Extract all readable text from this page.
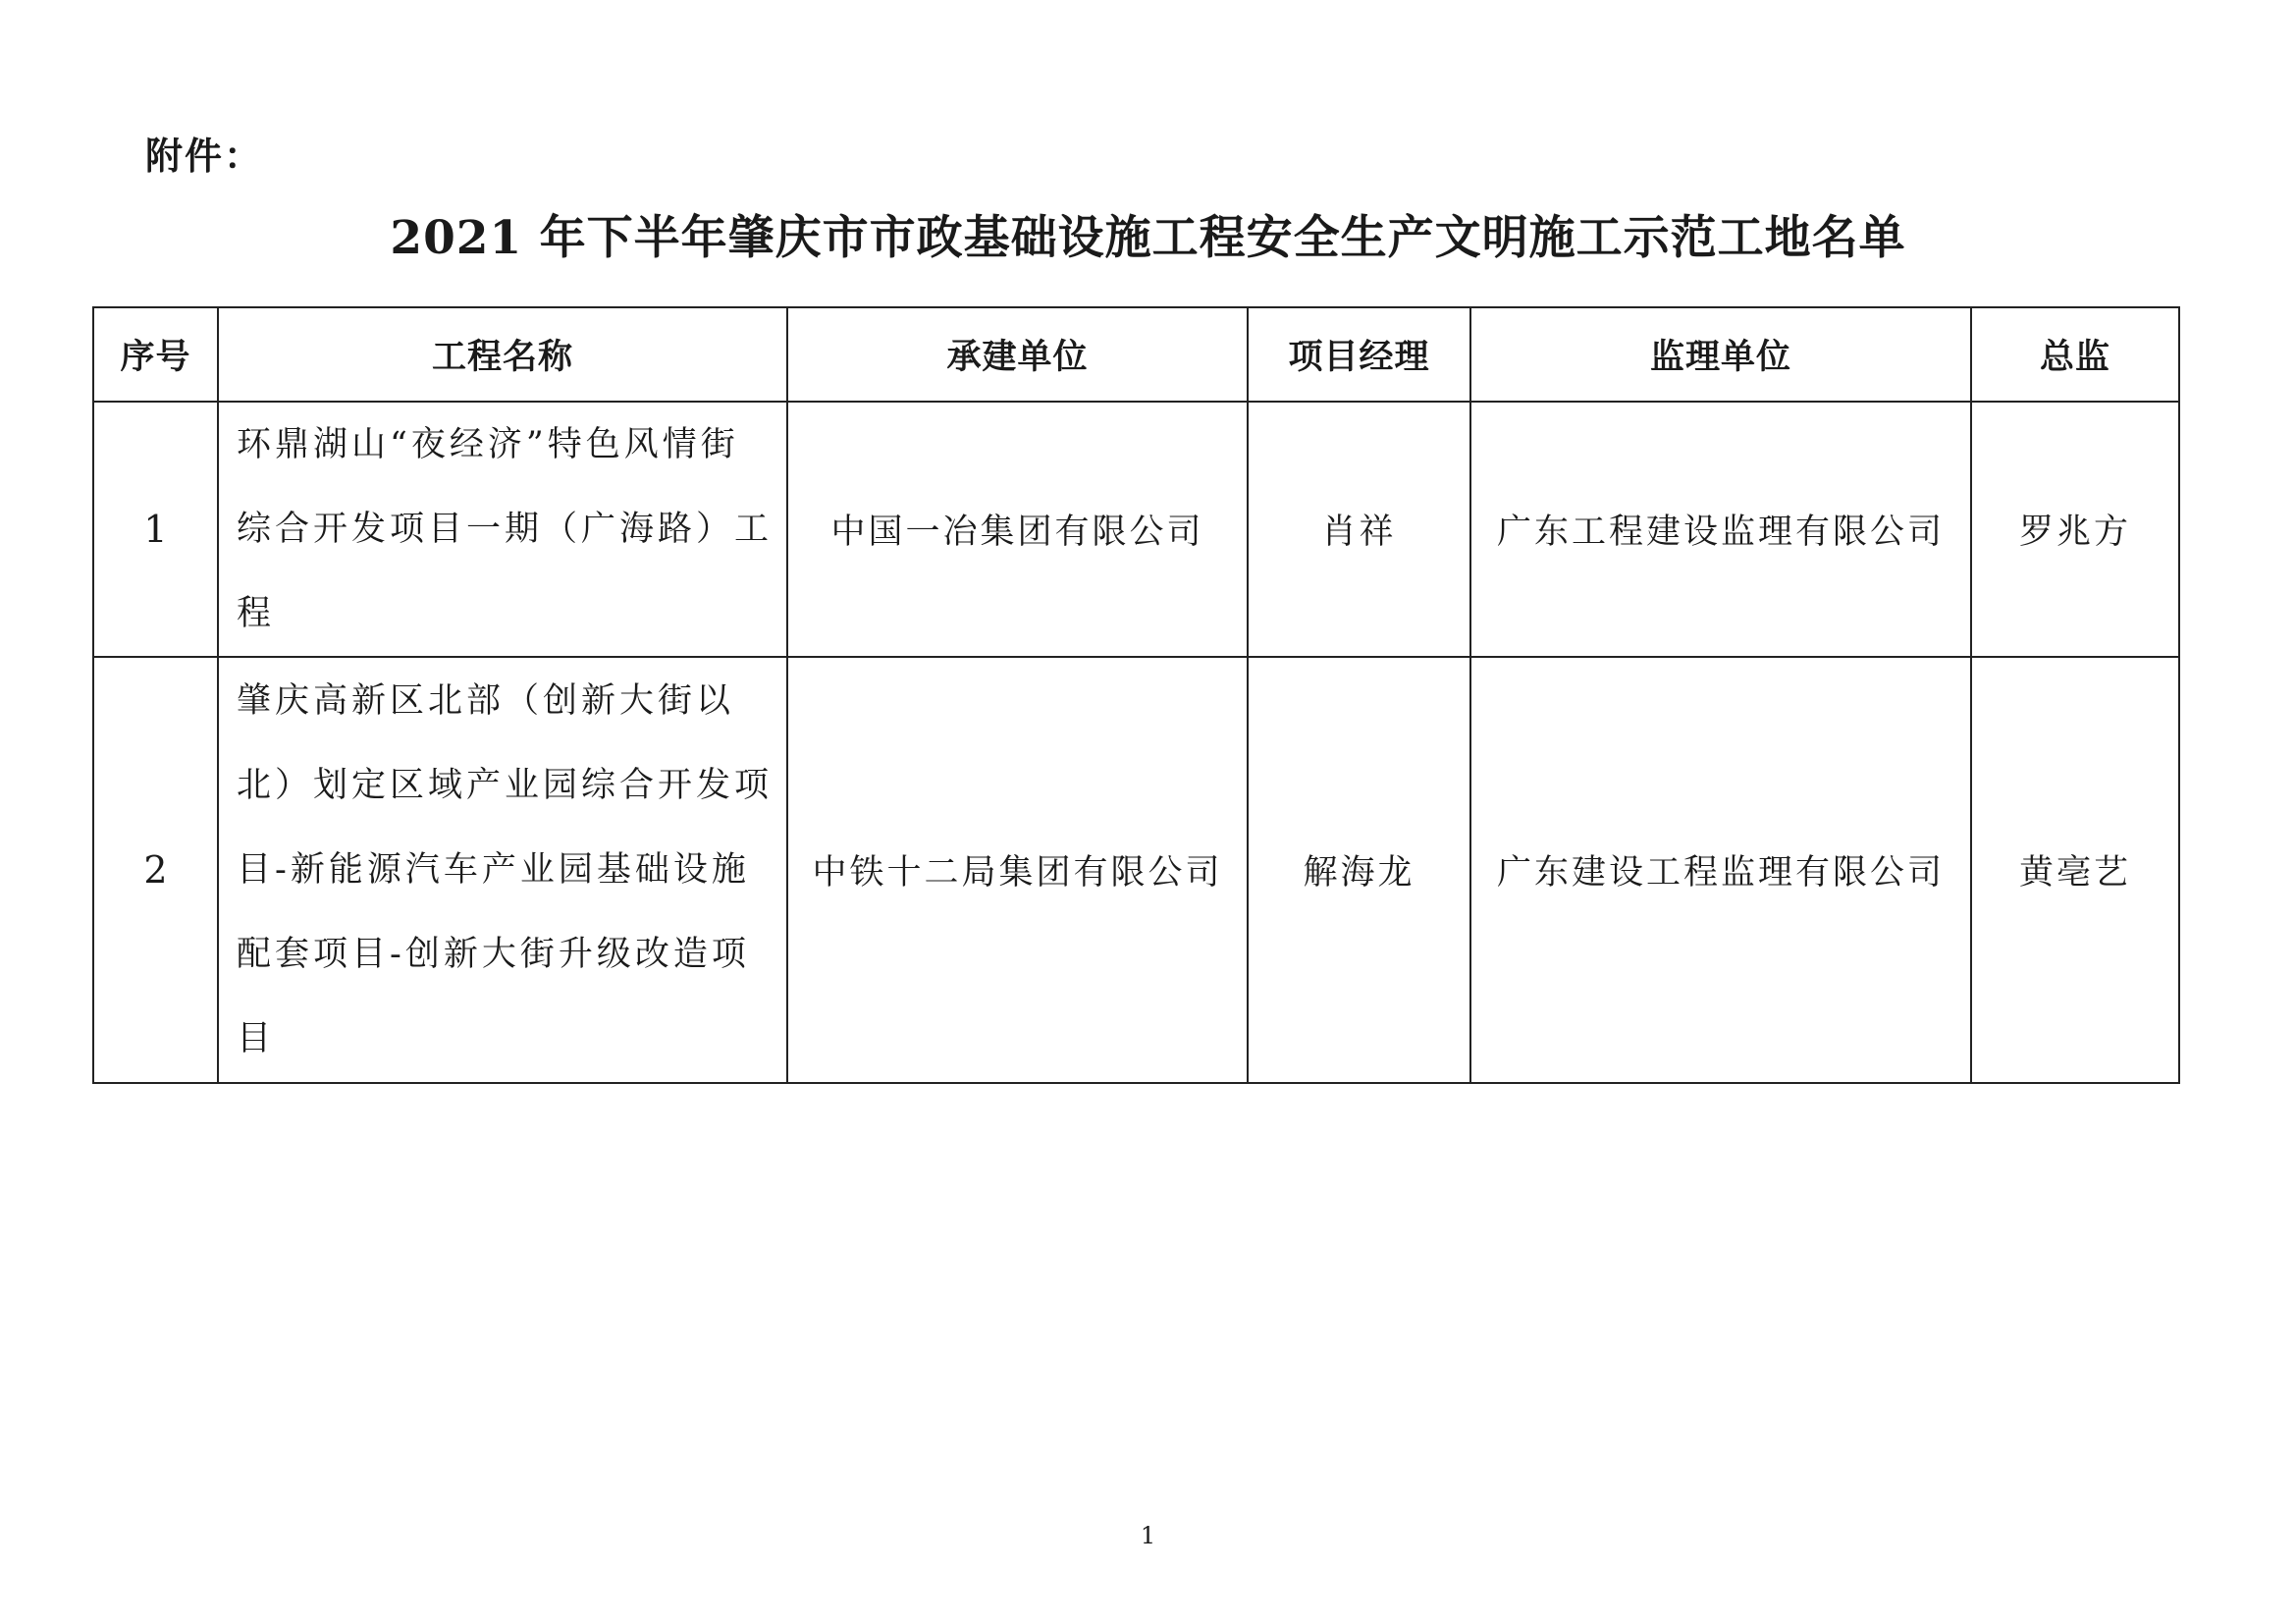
附件：
2021 年下半年肇庆市市政基础设施工程安全生产文明施工示范工地名单
序号	工程名称	承建单位	项目经理	监理单位	总监
1	环鼎湖山“夜经济”特色风情街综合开发项目一期（广海路）工程	中国一冶集团有限公司	肖祥	广东工程建设监理有限公司	罗兆方
2	肇庆高新区北部（创新大街以北）划定区域产业园综合开发项目-新能源汽车产业园基础设施配套项目-创新大街升级改造项目	中铁十二局集团有限公司	解海龙	广东建设工程监理有限公司	黄亳艺
1
